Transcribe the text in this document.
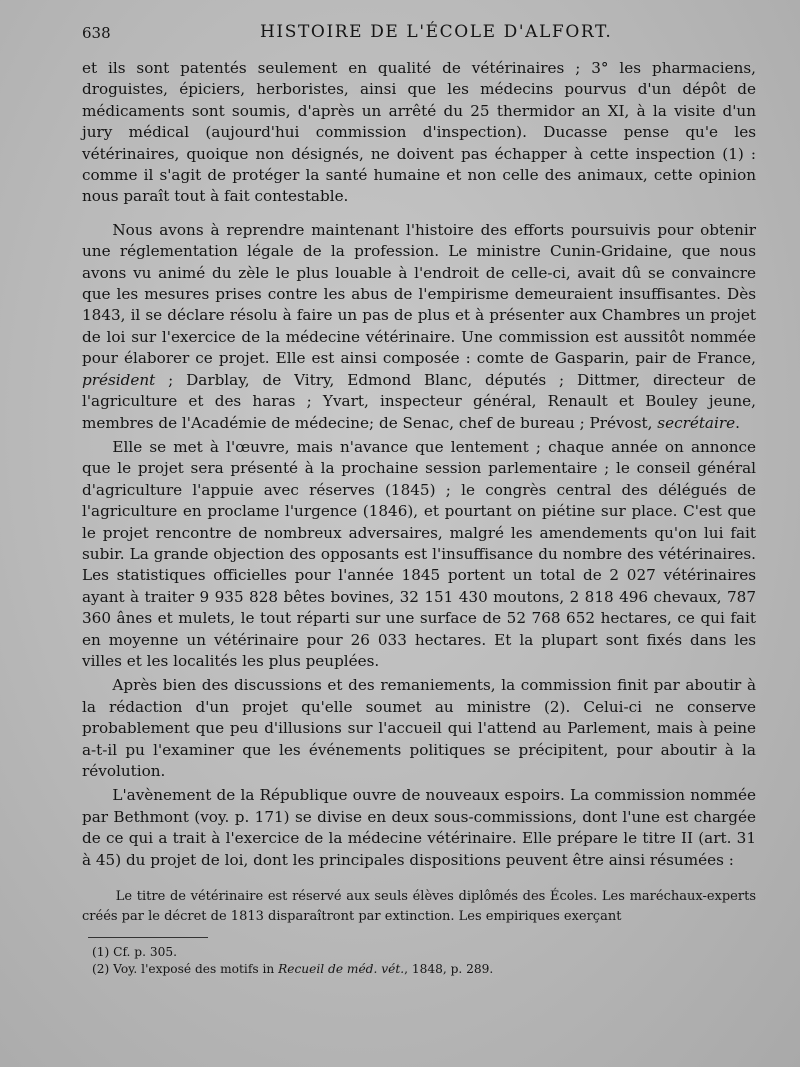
638	HISTOIRE DE L'ÉCOLE D'ALFORT.

et ils sont patentés seulement en qualité de vétérinaires ; 3° les pharmaciens, droguistes, épiciers, herboristes, ainsi que les médecins pourvus d'un dépôt de médicaments sont soumis, d'après un arrêté du 25 thermidor an XI, à la visite d'un jury médical (aujourd'hui commission d'inspection). Ducasse pense qu'e les vétérinaires, quoique non désignés, ne doivent pas échapper à cette inspection (1) : comme il s'agit de protéger la santé humaine et non celle des animaux, cette opinion nous paraît tout à fait contestable.

Nous avons à reprendre maintenant l'histoire des efforts poursuivis pour obtenir une réglementation légale de la profession. Le ministre Cunin-Gridaine, que nous avons vu animé du zèle le plus louable à l'endroit de celle-ci, avait dû se convaincre que les mesures prises contre les abus de l'empirisme demeuraient insuffisantes. Dès 1843, il se déclare résolu à faire un pas de plus et à présenter aux Chambres un projet de loi sur l'exercice de la médecine vétérinaire. Une commission est aussitôt nommée pour élaborer ce projet. Elle est ainsi composée : comte de Gasparin, pair de France, président ; Darblay, de Vitry, Edmond Blanc, députés ; Dittmer, directeur de l'agriculture et des haras ; Yvart, inspecteur général, Renault et Bouley jeune, membres de l'Académie de médecine; de Senac, chef de bureau ; Prévost, secrétaire.

Elle se met à l'œuvre, mais n'avance que lentement ; chaque année on annonce que le projet sera présenté à la prochaine session parlementaire ; le conseil général d'agriculture l'appuie avec réserves (1845) ; le congrès central des délégués de l'agriculture en proclame l'urgence (1846), et pourtant on piétine sur place. C'est que le projet rencontre de nombreux adversaires, malgré les amendements qu'on lui fait subir. La grande objection des opposants est l'insuffisance du nombre des vétérinaires. Les statistiques officielles pour l'année 1845 portent un total de 2 027 vétérinaires ayant à traiter 9 935 828 bêtes bovines, 32 151 430 moutons, 2 818 496 chevaux, 787 360 ânes et mulets, le tout réparti sur une surface de 52 768 652 hectares, ce qui fait en moyenne un vétérinaire pour 26 033 hectares. Et la plupart sont fixés dans les villes et les localités les plus peuplées.

Après bien des discussions et des remaniements, la commission finit par aboutir à la rédaction d'un projet qu'elle soumet au ministre (2). Celui-ci ne conserve probablement que peu d'illusions sur l'accueil qui l'attend au Parlement, mais à peine a-t-il pu l'examiner que les événements politiques se précipitent, pour aboutir à la révolution.

L'avènement de la République ouvre de nouveaux espoirs. La commission nommée par Bethmont (voy. p. 171) se divise en deux sous-commissions, dont l'une est chargée de ce qui a trait à l'exercice de la médecine vétérinaire. Elle prépare le titre II (art. 31 à 45) du projet de loi, dont les principales dispositions peuvent être ainsi résumées :

Le titre de vétérinaire est réservé aux seuls élèves diplômés des Écoles. Les maréchaux-experts créés par le décret de 1813 disparaîtront par extinction. Les empiriques exerçant

(1) Cf. p. 305.

(2) Voy. l'exposé des motifs in Recueil de méd. vét., 1848, p. 289.
